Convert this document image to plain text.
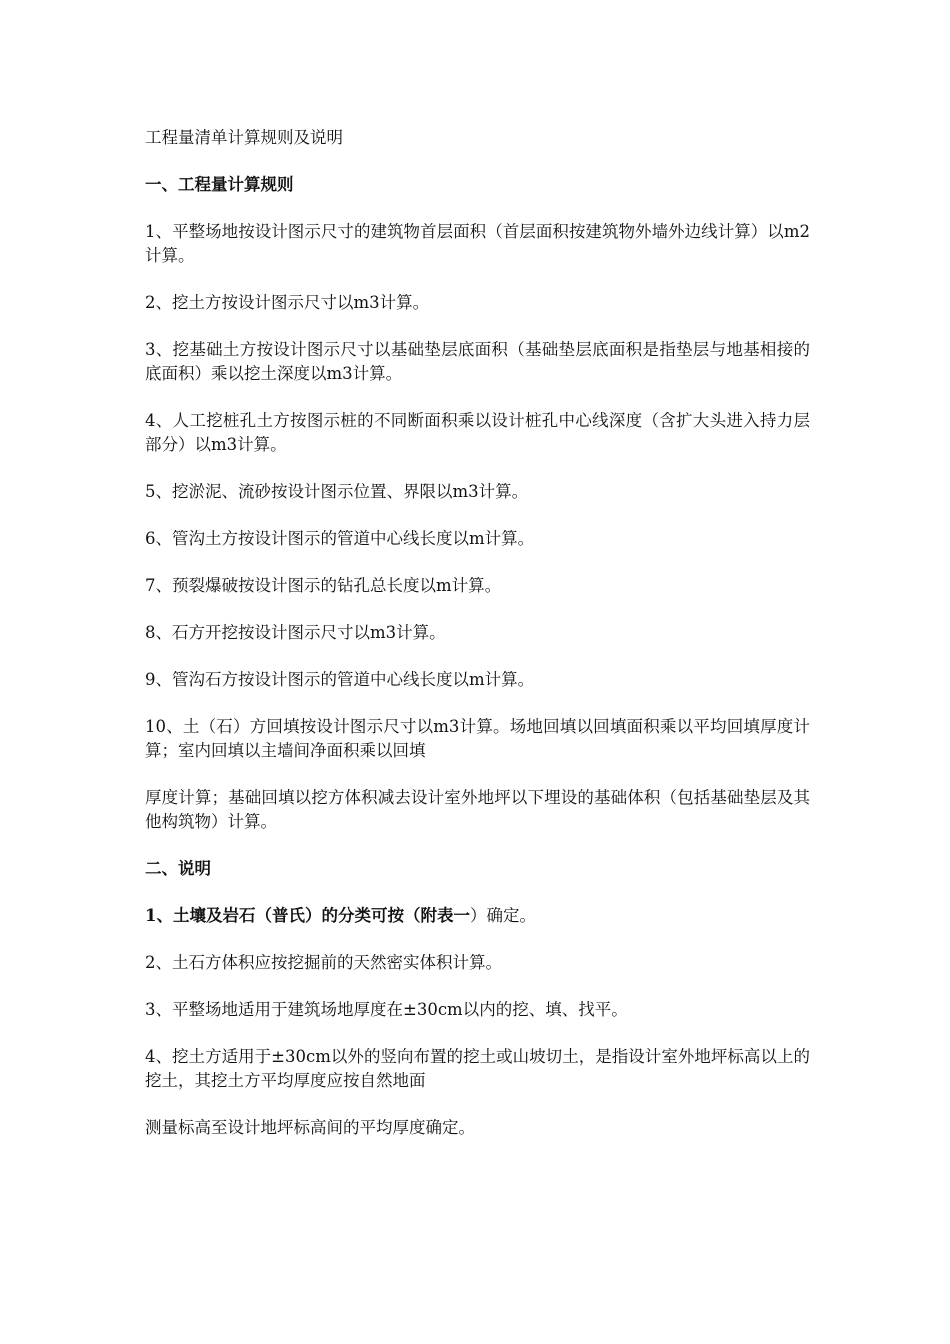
工程量清单计算规则及说明

一、工程量计算规则

1、平整场地按设计图示尺寸的建筑物首层面积（首层面积按建筑物外墙外边线计算）以m2计算。

2、挖土方按设计图示尺寸以m3计算。

3、挖基础土方按设计图示尺寸以基础垫层底面积（基础垫层底面积是指垫层与地基相接的底面积）乘以挖土深度以m3计算。

4、人工挖桩孔土方按图示桩的不同断面积乘以设计桩孔中心线深度（含扩大头进入持力层部分）以m3计算。

5、挖淤泥、流砂按设计图示位置、界限以m3计算。

6、管沟土方按设计图示的管道中心线长度以m计算。

7、预裂爆破按设计图示的钻孔总长度以m计算。

8、石方开挖按设计图示尺寸以m3计算。

9、管沟石方按设计图示的管道中心线长度以m计算。

10、土（石）方回填按设计图示尺寸以m3计算。场地回填以回填面积乘以平均回填厚度计算；室内回填以主墙间净面积乘以回填

厚度计算；基础回填以挖方体积减去设计室外地坪以下埋设的基础体积（包括基础垫层及其他构筑物）计算。

二、说明

1、土壤及岩石（普氏）的分类可按（附表一）确定。

2、土石方体积应按挖掘前的天然密实体积计算。

3、平整场地适用于建筑场地厚度在±30cm以内的挖、填、找平。

4、挖土方适用于±30cm以外的竖向布置的挖土或山坡切土，是指设计室外地坪标高以上的挖土，其挖土方平均厚度应按自然地面

测量标高至设计地坪标高间的平均厚度确定。
